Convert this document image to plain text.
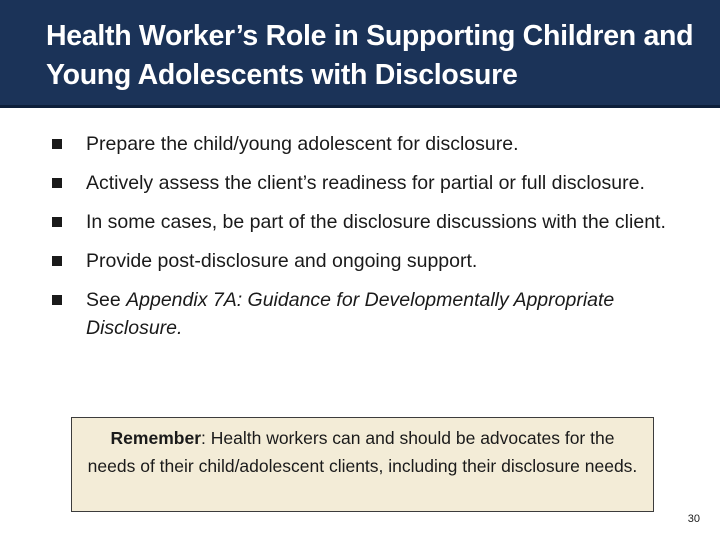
Health Worker’s Role in Supporting Children and Young Adolescents with Disclosure
Prepare the child/young adolescent for disclosure.
Actively assess the client’s readiness for partial or full disclosure.
In some cases, be part of the disclosure discussions with the client.
Provide post-disclosure and ongoing support.
See Appendix 7A: Guidance for Developmentally Appropriate Disclosure.
Remember: Health workers can and should be advocates for the needs of their child/adolescent clients, including their disclosure needs.
30
